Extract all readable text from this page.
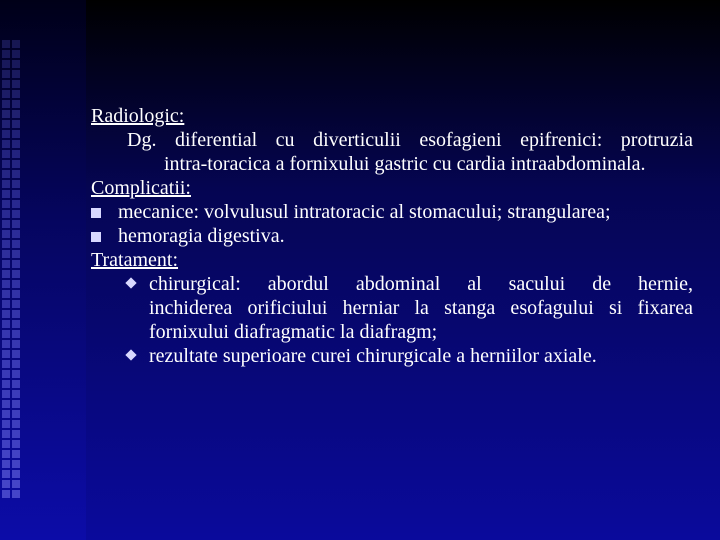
Radiologic:
Dg. diferential cu diverticulii esofagieni epifrenici: protruzia
intra-toracica a fornixului gastric cu cardia intraabdominala.
Complicatii:
mecanice: volvulusul intratoracic al stomacului; strangularea;
hemoragia digestiva.
Tratament:
chirurgical: abordul abdominal al sacului de hernie,
inchiderea orificiului herniar la stanga esofagului si fixarea
fornixului diafragmatic la diafragm;
rezultate superioare curei chirurgicale a herniilor axiale.
